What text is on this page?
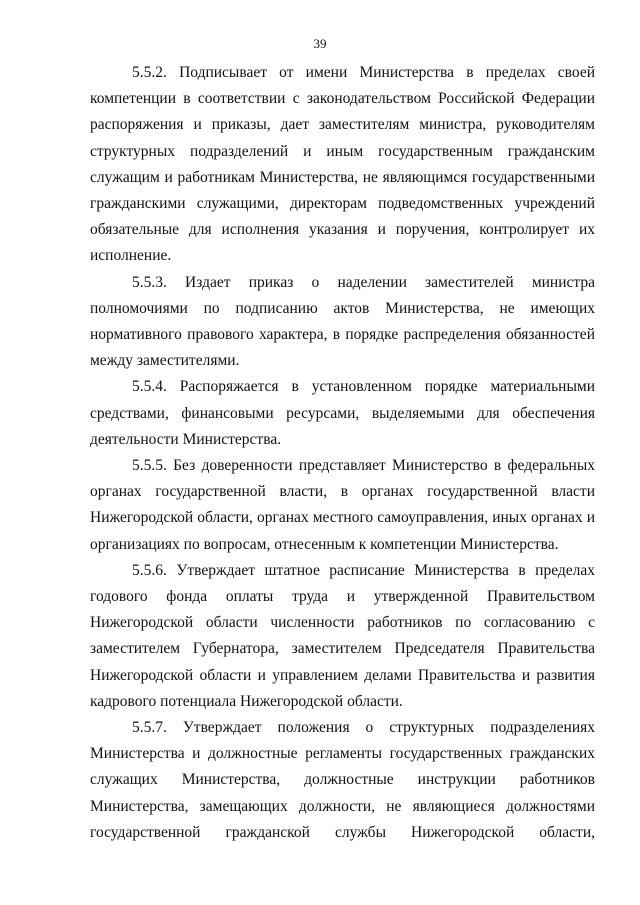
39
5.5.2. Подписывает от имени Министерства в пределах своей
компетенции в соответствии с законодательством Российской Федерации
распоряжения и приказы, дает заместителям министра, руководителям
структурных подразделений и иным государственным гражданским
служащим и работникам Министерства, не являющимся государственными
гражданскими служащими, директорам подведомственных учреждений
обязательные для исполнения указания и поручения, контролирует их
исполнение.
5.5.3. Издает приказ о наделении заместителей министра
полномочиями по подписанию актов Министерства, не имеющих
нормативного правового характера, в порядке распределения обязанностей
между заместителями.
5.5.4. Распоряжается в установленном порядке материальными
средствами, финансовыми ресурсами, выделяемыми для обеспечения
деятельности Министерства.
5.5.5. Без доверенности представляет Министерство в федеральных
органах государственной власти, в органах государственной власти
Нижегородской области, органах местного самоуправления, иных органах и
организациях по вопросам, отнесенным к компетенции Министерства.
5.5.6. Утверждает штатное расписание Министерства в пределах
годового фонда оплаты труда и утвержденной Правительством
Нижегородской области численности работников по согласованию с
заместителем Губернатора, заместителем Председателя Правительства
Нижегородской области и управлением делами Правительства и развития
кадрового потенциала Нижегородской области.
5.5.7. Утверждает положения о структурных подразделениях
Министерства и должностные регламенты государственных гражданских
служащих Министерства, должностные инструкции работников
Министерства, замещающих должности, не являющиеся должностями
государственной гражданской службы Нижегородской области,
